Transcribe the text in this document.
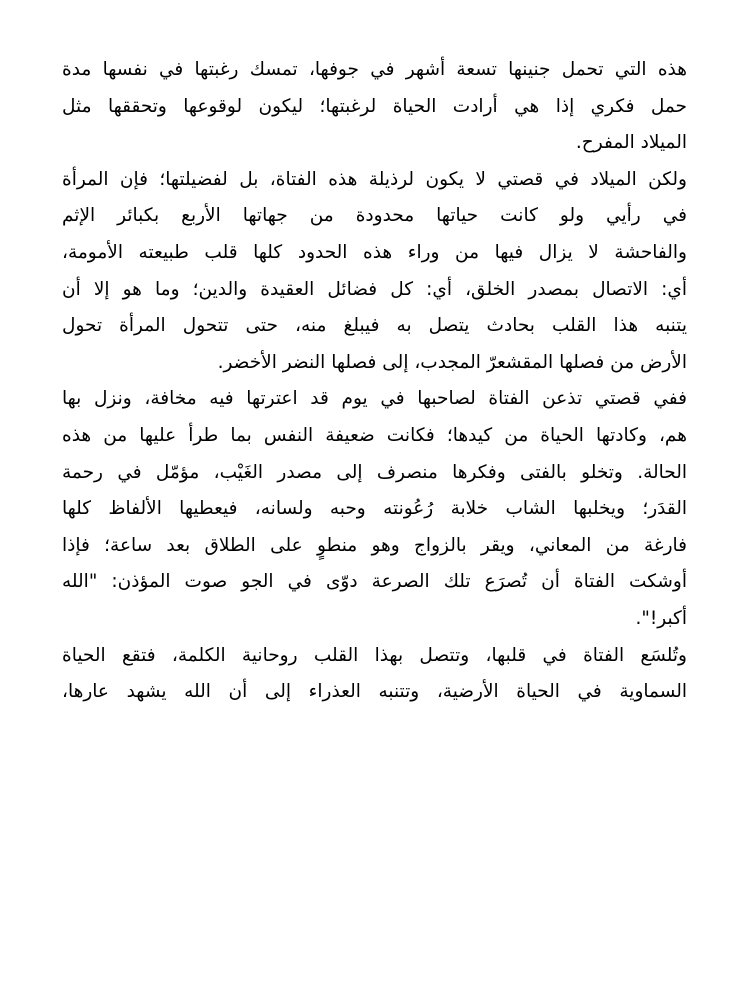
هذه التي تحمل جنينها تسعة أشهر في جوفها، تمسك رغبتها في نفسها مدة
حمل فكري إذا هي أرادت الحياة لرغبتها؛ ليكون لوقوعها وتحققها مثل
الميلاد المفرح.
ولكن الميلاد في قصتي لا يكون لرذيلة هذه الفتاة، بل لفضيلتها؛ فإن المرأة
في رأيي ولو كانت حياتها محدودة من جهاتها الأربع بكبائر الإثم
والفاحشة لا يزال فيها من وراء هذه الحدود كلها قلب طبيعته الأمومة،
أي: الاتصال بمصدر الخلق، أي: كل فضائل العقيدة والدين؛ وما هو إلا أن
يتنبه هذا القلب بحادث يتصل به فيبلغ منه، حتى تتحول المرأة تحول
الأرض من فصلها المقشعرّ المجدب، إلى فصلها النضر الأخضر.
ففي قصتي تذعن الفتاة لصاحبها في يوم قد اعترتها فيه مخافة، ونزل بها
هم، وكادتها الحياة من كيدها؛ فكانت ضعيفة النفس بما طرأ عليها من هذه
الحالة. وتخلو بالفتى وفكرها منصرف إلى مصدر الغَيْب، مؤمّل في رحمة
القدَر؛ ويخلبها الشاب خلابة رُعُونته وحبه ولسانه، فيعطيها الألفاظ كلها
فارغة من المعاني، ويقر بالزواج وهو منطوٍ على الطلاق بعد ساعة؛ فإذا
أوشكت الفتاة أن تُصرَع تلك الصرعة دوّى في الجو صوت المؤذن: "الله
أكبر!".
وتُلسَع الفتاة في قلبها، وتتصل بهذا القلب روحانية الكلمة، فتقع الحياة
السماوية في الحياة الأرضية، وتتنبه العذراء إلى أن الله يشهد عارها،
